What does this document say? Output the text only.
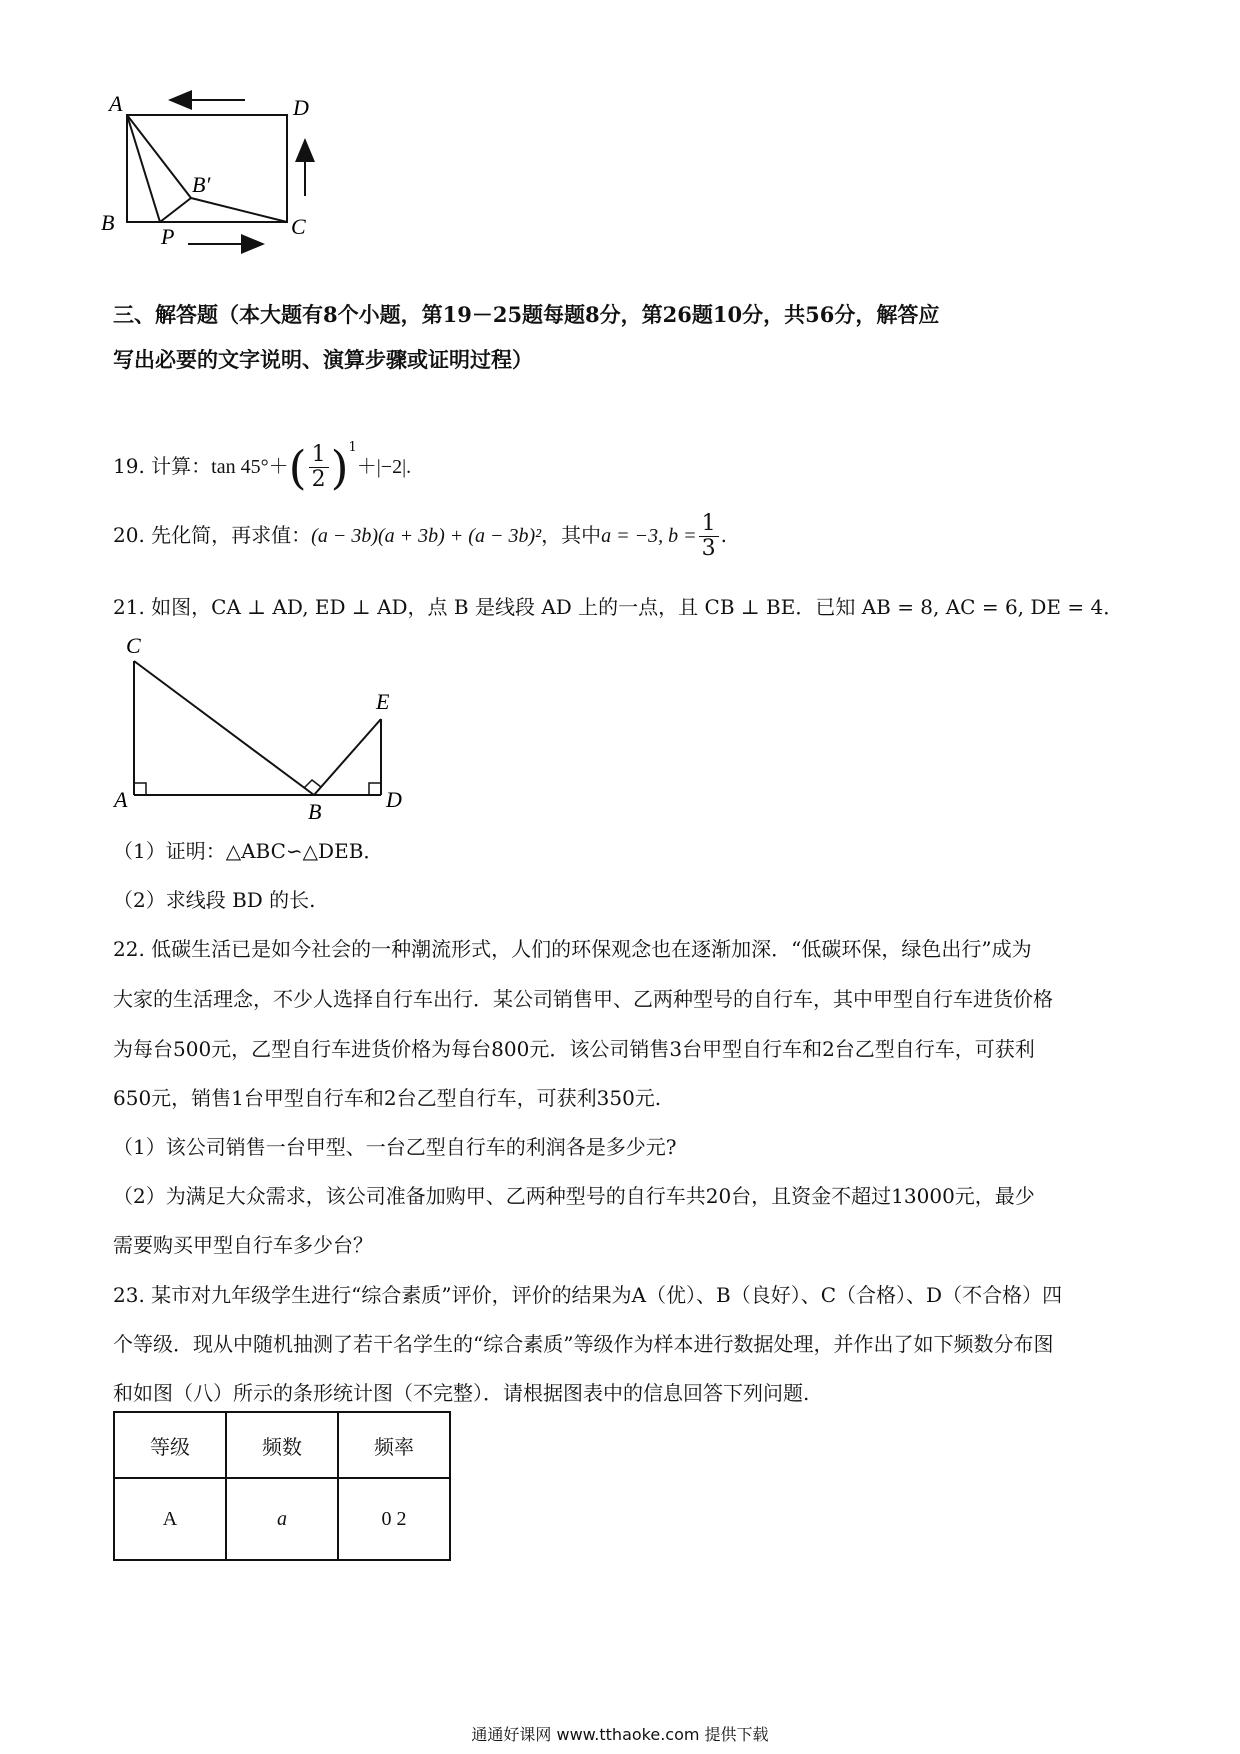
A	D
B	C
P
B′
三、解答题（本大题有8个小题，第19－25题每题8分，第26题10分，共56分，解答应
写出必要的文字说明、演算步骤或证明过程）
19. 计算：$\tan 45^\circ+( \frac{1}{2} )^1+|-2|$.
20. 先化简，再求值：(a − 3b)(a + 3b) + (a − 3b)²，其中a = −3, $b = \frac{1}{3}$ .
21. 如图，CA ⊥ AD, ED ⊥ AD，点 B 是线段 AD 上的一点，且 CB ⊥ BE．已知 AB = 8, AC = 6, DE = 4．
C
E
A	B	D
（1）证明：△ABC∽△DEB．
（2）求线段 BD 的长.
22. 低碳生活已是如今社会的一种潮流形式，人们的环保观念也在逐渐加深．“低碳环保，绿色出行”成为
大家的生活理念，不少人选择自行车出行．某公司销售甲、乙两种型号的自行车，其中甲型自行车进货价格
为每台500元，乙型自行车进货价格为每台800元．该公司销售3台甲型自行车和2台乙型自行车，可获利
650元，销售1台甲型自行车和2台乙型自行车，可获利350元.
（1）该公司销售一台甲型、一台乙型自行车的利润各是多少元?
（2）为满足大众需求，该公司准备加购甲、乙两种型号的自行车共20台，且资金不超过13000元，最少
需要购买甲型自行车多少台？
23. 某市对九年级学生进行“综合素质”评价，评价的结果为A（优）、B（良好）、C（合格）、D（不合格）四
个等级．现从中随机抽测了若干名学生的“综合素质”等级作为样本进行数据处理，并作出了如下频数分布图
和如图（八）所示的条形统计图（不完整）．请根据图表中的信息回答下列问题.
等级	频数	频率
A	a	0 2
通通好课网 www.tthaoke.com 提供下载
